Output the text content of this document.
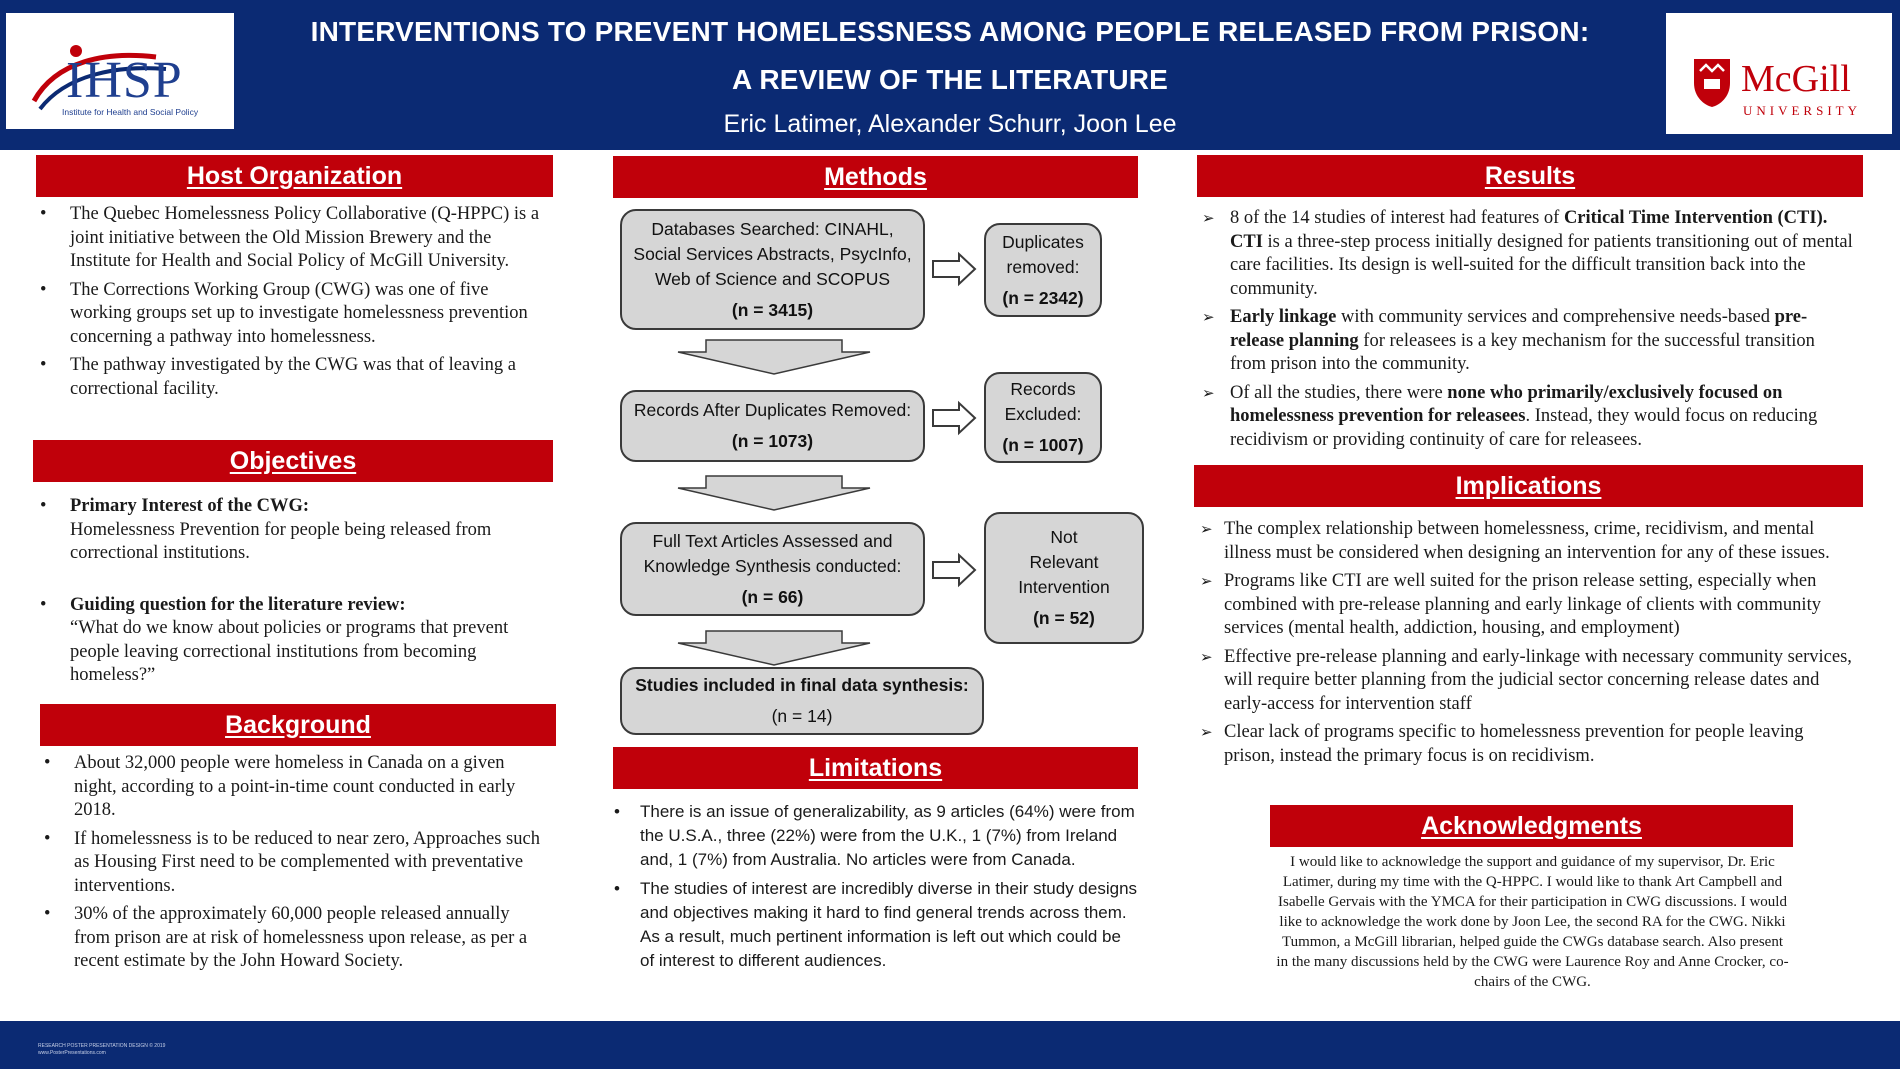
IHSP
Institute for Health and Social Policy
McGill
UNIVERSITY
INTERVENTIONS TO PREVENT HOMELESSNESS AMONG PEOPLE RELEASED FROM PRISON:
A REVIEW OF THE LITERATURE
Eric Latimer, Alexander Schurr, Joon Lee
Host Organization
• The Quebec Homelessness Policy Collaborative (Q-HPPC) is a joint initiative between the Old Mission Brewery and the Institute for Health and Social Policy of McGill University.
• The Corrections Working Group (CWG) was one of five working groups set up to investigate homelessness prevention concerning a pathway into homelessness.
• The pathway investigated by the CWG was that of leaving a correctional facility.
Objectives
• Primary Interest of the CWG:
Homelessness Prevention for people being released from correctional institutions.
• Guiding question for the literature review:
“What do we know about policies or programs that prevent people leaving correctional institutions from becoming homeless?”
Background
• About 32,000 people were homeless in Canada on a given night, according to a point-in-time count conducted in early 2018.
• If homelessness is to be reduced to near zero, Approaches such as Housing First need to be complemented with preventative interventions.
• 30% of the approximately 60,000 people released annually from prison are at risk of homelessness upon release, as per a recent estimate by the John Howard Society.
Methods
Databases Searched: CINAHL, Social Services Abstracts, PsycInfo, Web of Science and SCOPUS
(n = 3415)
Duplicates removed:
(n = 2342)
Records After Duplicates Removed:
(n = 1073)
Records Excluded:
(n = 1007)
Full Text Articles Assessed and Knowledge Synthesis conducted:
(n = 66)
Not Relevant Intervention
(n = 52)
Studies included in final data synthesis:
(n = 14)
Limitations
• There is an issue of generalizability, as 9 articles (64%) were from the U.S.A., three (22%) were from the U.K., 1 (7%) from Ireland and, 1 (7%) from Australia. No articles were from Canada.
• The studies of interest are incredibly diverse in their study designs and objectives making it hard to find general trends across them. As a result, much pertinent information is left out which could be of interest to different audiences.
Results
➢ 8 of the 14 studies of interest had features of Critical Time Intervention (CTI). CTI is a three-step process initially designed for patients transitioning out of mental care facilities. Its design is well-suited for the difficult transition back into the community.
➢ Early linkage with community services and comprehensive needs-based pre-release planning for releasees is a key mechanism for the successful transition from prison into the community.
➢ Of all the studies, there were none who primarily/exclusively focused on homelessness prevention for releasees. Instead, they would focus on reducing recidivism or providing continuity of care for releasees.
Implications
➢ The complex relationship between homelessness, crime, recidivism, and mental illness must be considered when designing an intervention for any of these issues.
➢ Programs like CTI are well suited for the prison release setting, especially when combined with pre-release planning and early linkage of clients with community services (mental health, addiction, housing, and employment)
➢ Effective pre-release planning and early-linkage with necessary community services, will require better planning from the judicial sector concerning release dates and early-access for intervention staff
➢ Clear lack of programs specific to homelessness prevention for people leaving prison, instead the primary focus is on recidivism.
Acknowledgments
I would like to acknowledge the support and guidance of my supervisor, Dr. Eric Latimer, during my time with the Q-HPPC. I would like to thank Art Campbell and Isabelle Gervais with the YMCA for their participation in CWG discussions. I would like to acknowledge the work done by Joon Lee, the second RA for the CWG. Nikki Tummon, a McGill librarian, helped guide the CWGs database search. Also present in the many discussions held by the CWG were Laurence Roy and Anne Crocker, co-chairs of the CWG.
RESEARCH POSTER PRESENTATION DESIGN © 2019
www.PosterPresentations.com
